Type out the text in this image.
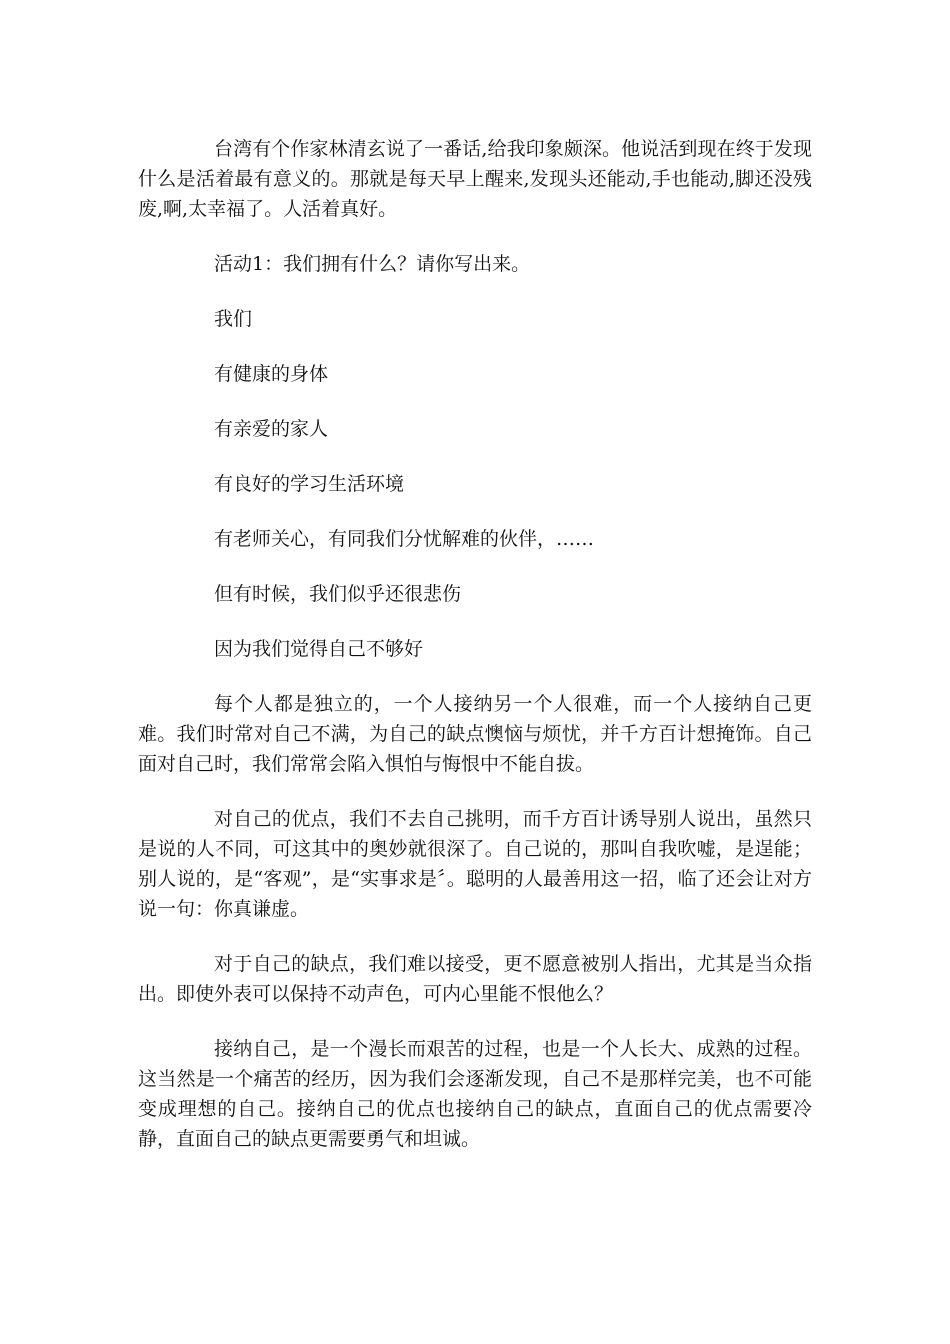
台湾有个作家林清玄说了一番话,给我印象颇深。他说活到现在终于发现什么是活着最有意义的。那就是每天早上醒来,发现头还能动,手也能动,脚还没残废,啊,太幸福了。人活着真好。

活动1：我们拥有什么？请你写出来。

我们

有健康的身体

有亲爱的家人

有良好的学习生活环境

有老师关心，有同我们分忧解难的伙伴，……

但有时候，我们似乎还很悲伤

因为我们觉得自己不够好

每个人都是独立的，一个人接纳另一个人很难，而一个人接纳自己更难。我们时常对自己不满，为自己的缺点懊恼与烦忧，并千方百计想掩饰。自己面对自己时，我们常常会陷入惧怕与悔恨中不能自拔。

对自己的优点，我们不去自己挑明，而千方百计诱导别人说出，虽然只是说的人不同，可这其中的奥妙就很深了。自己说的，那叫自我吹嘘，是逞能；别人说的，是“客观”，是“实事求是〞。聪明的人最善用这一招，临了还会让对方说一句：你真谦虚。

对于自己的缺点，我们难以接受，更不愿意被别人指出，尤其是当众指出。即使外表可以保持不动声色，可内心里能不恨他么？

接纳自己，是一个漫长而艰苦的过程，也是一个人长大、成熟的过程。这当然是一个痛苦的经历，因为我们会逐渐发现，自己不是那样完美，也不可能变成理想的自己。接纳自己的优点也接纳自己的缺点，直面自己的优点需要冷静，直面自己的缺点更需要勇气和坦诚。
